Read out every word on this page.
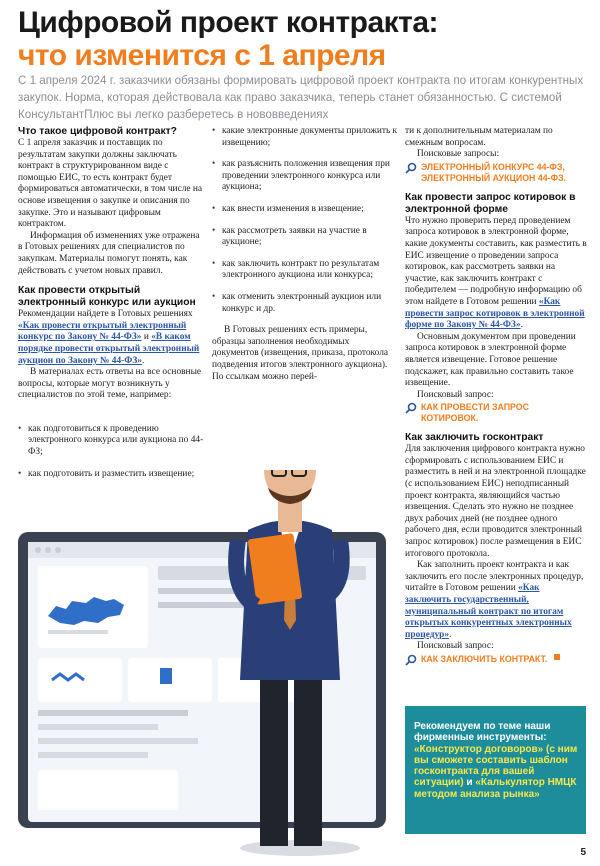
Цифровой проект контракта:
что изменится с 1 апреля
С 1 апреля 2024 г. заказчики обязаны формировать цифровой проект контракта по итогам конкурентных закупок. Норма, которая действовала как право заказчика, теперь станет обязанностью. С системой КонсультантПлюс вы легко разберетесь в нововведениях
Что такое цифровой контракт?

С 1 апреля заказчик и поставщик по результатам закупки должны заключать контракт в структурированном виде с помощью ЕИС, то есть контракт будет формироваться автоматически, в том числе на основе извещения о закупке и описания по закупке. Это и называют цифровым контрактом.

Информация об изменениях уже отражена в Готовых решениях для специалистов по закупкам. Материалы помогут понять, как действовать с учетом новых правил.

Как провести открытый электронный конкурс или аукцион

Рекомендации найдете в Готовых решениях «Как провести открытый электронный конкурс по Закону № 44-ФЗ» и «В каком порядке провести открытый электронный аукцион по Закону № 44-ФЗ».

В материалах есть ответы на все основные вопросы, которые могут возникнуть у специалистов по этой теме, например:

• как подготовиться к проведению электронного конкурса или аукциона по 44-ФЗ;
• как подготовить и разместить извещение;
• какие электронные документы приложить к извещению;
• как разъяснить положения извещения при проведении электронного конкурса или аукциона;
• как внести изменения в извещение;
• как рассмотреть заявки на участие в аукционе;
• как заключить контракт по результатам электронного аукциона или конкурса;
• как отменить электронный аукцион или конкурс и др.

В Готовых решениях есть примеры, образцы заполнения необходимых документов (извещения, приказа, протокола подведения итогов электронного аукциона). По ссылкам можно перей-

ти к дополнительным материалам по смежным вопросам.

Поисковые запросы:

ЭЛЕКТРОННЫЙ КОНКУРС 44-ФЗ, ЭЛЕКТРОННЫЙ АУКЦИОН 44-ФЗ.
Как провести запрос котировок в электронной форме

Что нужно проверить перед проведением запроса котировок в электронной форме, какие документы составить, как разместить в ЕИС извещение о проведении запроса котировок, как рассмотреть заявки на участие, как заключить контракт с победителем — подробную информацию об этом найдете в Готовом решении «Как провести запрос котировок в электронной форме по Закону № 44-ФЗ».

Основным документом при проведении запроса котировок в электронной форме является извещение. Готовое решение подскажет, как правильно составить такое извещение.

Поисковый запрос:

КАК ПРОВЕСТИ ЗАПРОС КОТИРОВОК.
Как заключить госконтракт

Для заключения цифрового контракта нужно сформировать с использованием ЕИС и разместить в ней и на электронной площадке (с использованием ЕИС) неподписанный проект контракта, являющийся частью извещения. Сделать это нужно не позднее двух рабочих дней (не позднее одного рабочего дня, если проводится электронный запрос котировок) после размещения в ЕИС итогового протокола.

Как заполнить проект контракта и как заключить его после электронных процедур, читайте в Готовом решении «Как заключить государственный, муниципальный контракт по итогам открытых конкурентных электронных процедур».

Поисковый запрос:

КАК ЗАКЛЮЧИТЬ КОНТРАКТ.
Рекомендуем по теме наши фирменные инструменты: «Конструктор договоров» (с ним вы сможете составить шаблон госконтракта для вашей ситуации) и «Калькулятор НМЦК методом анализа рынка»
5
